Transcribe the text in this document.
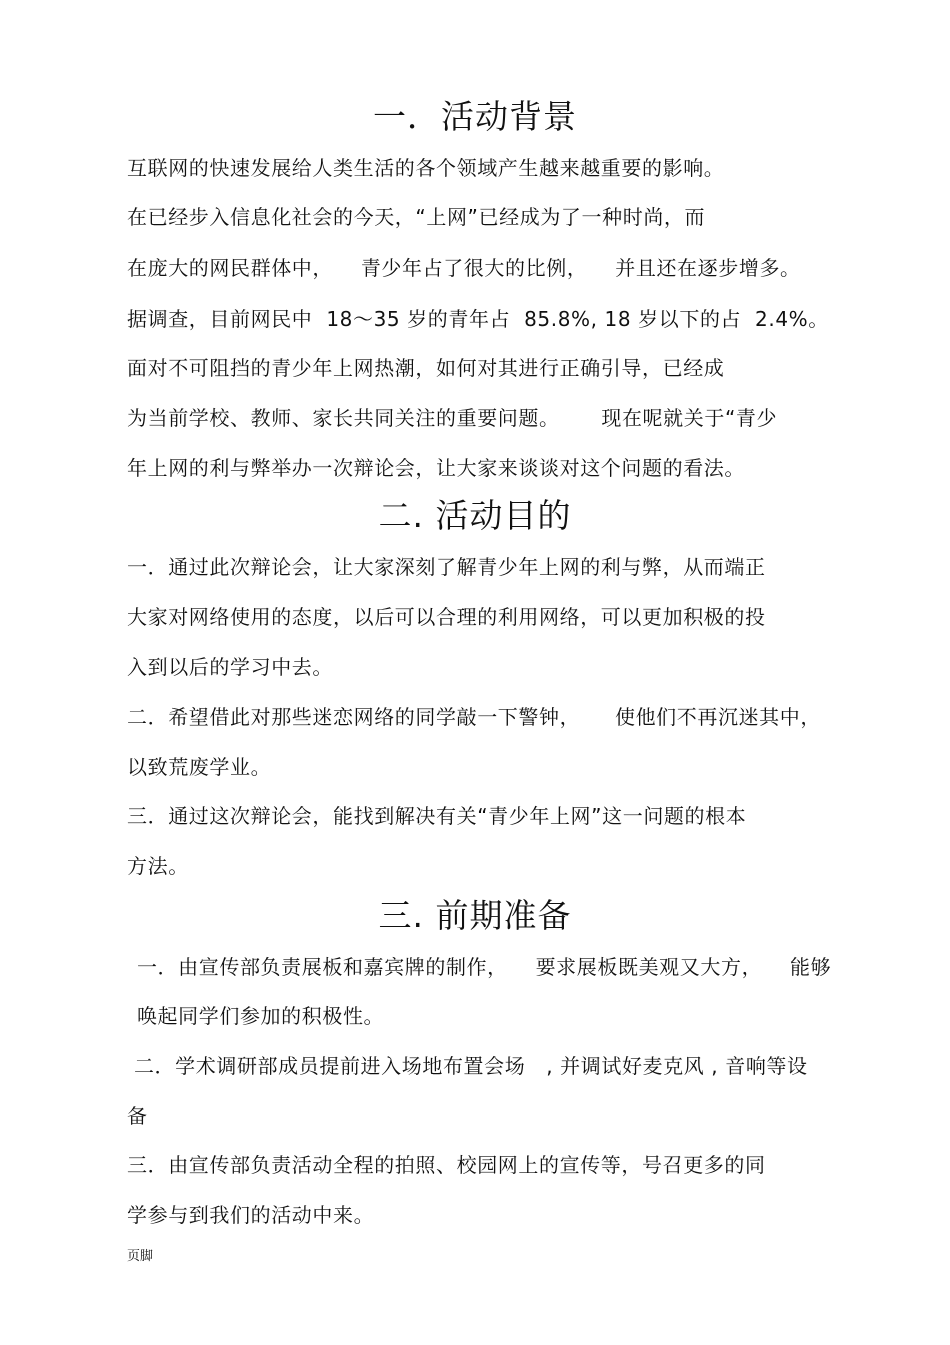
一．活动背景
互联网的快速发展给人类生活的各个领域产生越来越重要的影响。
在已经步入信息化社会的今天，“上网”已经成为了一种时尚，而
在庞大的网民群体中，    青少年占了很大的比例，    并且还在逐步增多。
据调查，目前网民中  18～35 岁的青年占  85.8%, 18 岁以下的占  2.4%。
面对不可阻挡的青少年上网热潮，如何对其进行正确引导，已经成
为当前学校、教师、家长共同关注的重要问题。      现在呢就关于“青少
年上网的利与弊举办一次辩论会，让大家来谈谈对这个问题的看法。
二. 活动目的
一．通过此次辩论会，让大家深刻了解青少年上网的利与弊，从而端正
大家对网络使用的态度，以后可以合理的利用网络，可以更加积极的投
入到以后的学习中去。
二．希望借此对那些迷恋网络的同学敲一下警钟，     使他们不再沉迷其中，
以致荒废学业。
三．通过这次辩论会，能找到解决有关“青少年上网”这一问题的根本
方法。
三. 前期准备
一．由宣传部负责展板和嘉宾牌的制作，    要求展板既美观又大方，    能够
唤起同学们参加的积极性。
二．学术调研部成员提前进入场地布置会场   , 并调试好麦克风 , 音响等设
备
三．由宣传部负责活动全程的拍照、校园网上的宣传等，号召更多的同
学参与到我们的活动中来。
页脚
